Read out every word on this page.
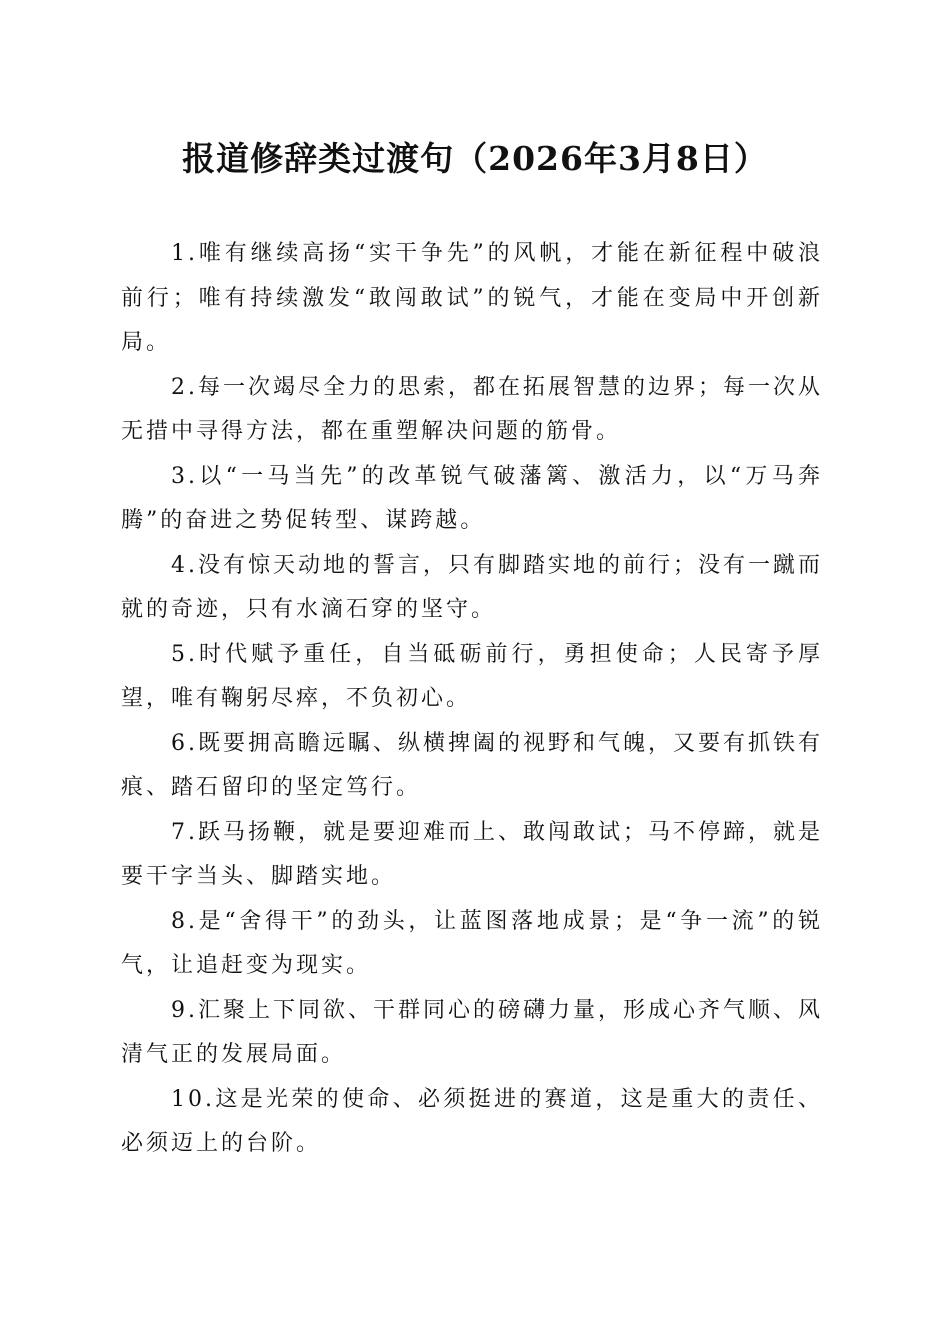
报道修辞类过渡句（2026年3月8日）

1.唯有继续高扬“实干争先”的风帆，才能在新征程中破浪前行；唯有持续激发“敢闯敢试”的锐气，才能在变局中开创新局。

2.每一次竭尽全力的思索，都在拓展智慧的边界；每一次从无措中寻得方法，都在重塑解决问题的筋骨。

3.以“一马当先”的改革锐气破藩篱、激活力，以“万马奔腾”的奋进之势促转型、谋跨越。

4.没有惊天动地的誓言，只有脚踏实地的前行；没有一蹴而就的奇迹，只有水滴石穿的坚守。

5.时代赋予重任，自当砥砺前行，勇担使命；人民寄予厚望，唯有鞠躬尽瘁，不负初心。

6.既要拥高瞻远瞩、纵横捭阖的视野和气魄，又要有抓铁有痕、踏石留印的坚定笃行。

7.跃马扬鞭，就是要迎难而上、敢闯敢试；马不停蹄，就是要干字当头、脚踏实地。

8.是“舍得干”的劲头，让蓝图落地成景；是“争一流”的锐气，让追赶变为现实。

9.汇聚上下同欲、干群同心的磅礴力量，形成心齐气顺、风清气正的发展局面。

10.这是光荣的使命、必须挺进的赛道，这是重大的责任、必须迈上的台阶。
